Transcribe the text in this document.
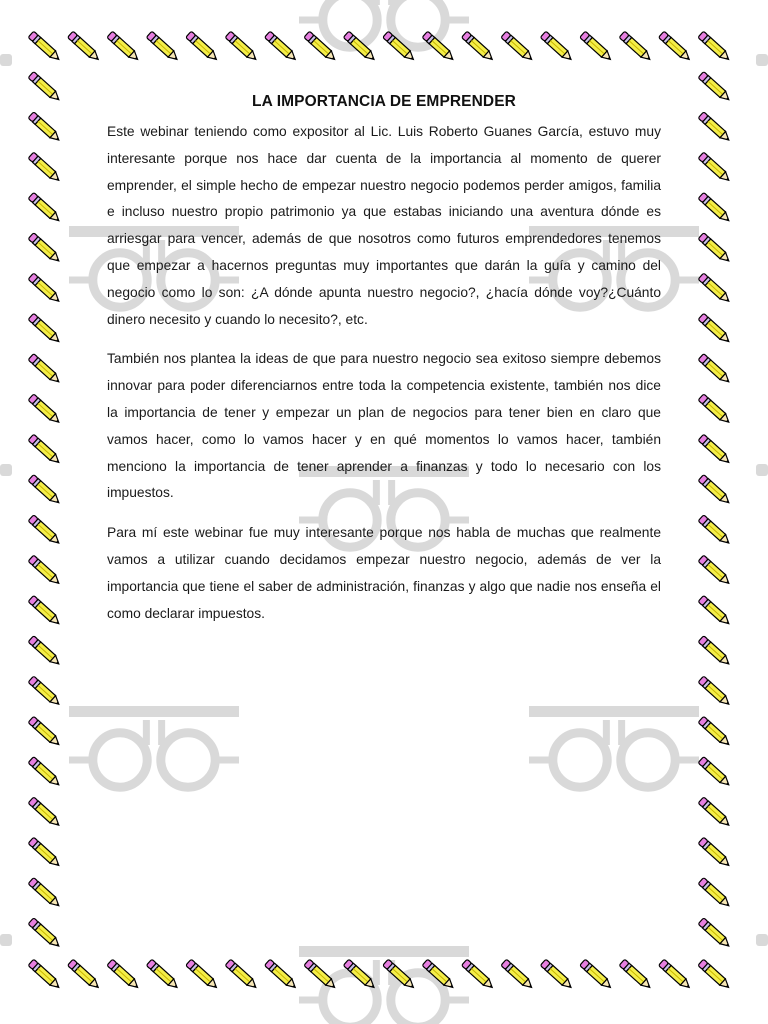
LA IMPORTANCIA DE EMPRENDER

Este webinar teniendo como expositor al Lic. Luis Roberto Guanes García, estuvo muy interesante porque nos hace dar cuenta de la importancia al momento de querer emprender, el simple hecho de empezar nuestro negocio podemos perder amigos, familia e incluso nuestro propio patrimonio ya que estabas iniciando una aventura dónde es arriesgar para vencer, además de que nosotros como futuros emprendedores tenemos que empezar a hacernos preguntas muy importantes que darán la guía y camino del negocio como lo son: ¿A dónde apunta nuestro negocio?, ¿hacía dónde voy?¿Cuánto dinero necesito y cuando lo necesito?, etc.

También nos plantea la ideas de que para nuestro negocio sea exitoso siempre debemos innovar para poder diferenciarnos entre toda la competencia existente, también nos dice la importancia de tener y empezar un plan de negocios para tener bien en claro que vamos hacer, como lo vamos hacer y en qué momentos lo vamos hacer, también menciono la importancia de tener aprender a finanzas y todo lo necesario con los impuestos.

Para mí este webinar fue muy interesante porque nos habla de muchas que realmente vamos a utilizar cuando decidamos empezar nuestro negocio, además de ver la importancia que tiene el saber de administración, finanzas y algo que nadie nos enseña el como declarar impuestos.
